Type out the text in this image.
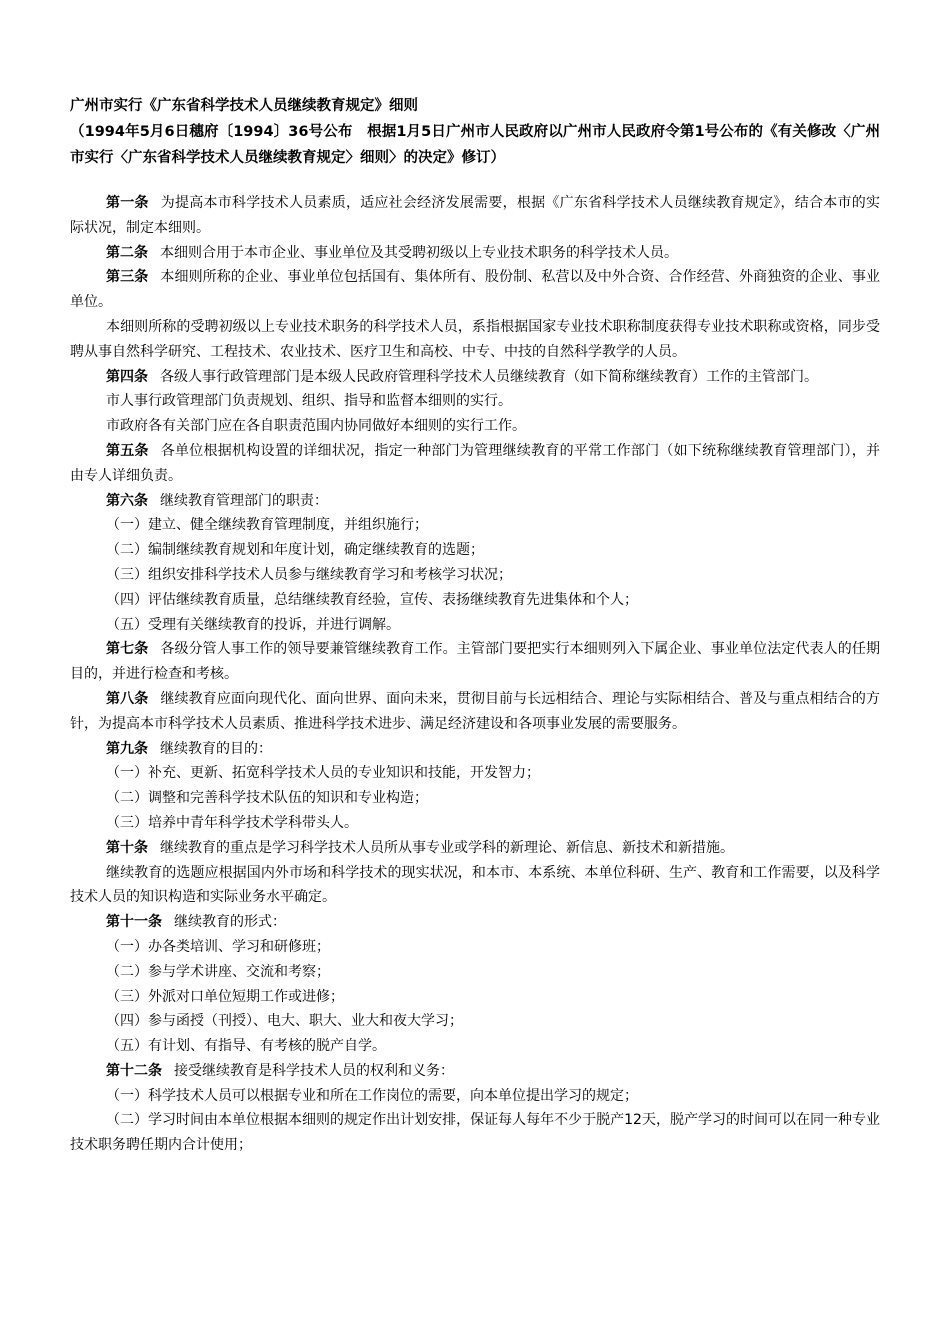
广州市实行《广东省科学技术人员继续教育规定》细则

（1994年5月6日穗府〔1994〕36号公布　根据1月5日广州市人民政府以广州市人民政府令第1号公布的《有关修改〈广州市实行〈广东省科学技术人员继续教育规定〉细则〉的决定》修订）

第一条 为提高本市科学技术人员素质，适应社会经济发展需要，根据《广东省科学技术人员继续教育规定》，结合本市的实际状况，制定本细则。

第二条 本细则合用于本市企业、事业单位及其受聘初级以上专业技术职务的科学技术人员。

第三条 本细则所称的企业、事业单位包括国有、集体所有、股份制、私营以及中外合资、合作经营、外商独资的企业、事业单位。

本细则所称的受聘初级以上专业技术职务的科学技术人员，系指根据国家专业技术职称制度获得专业技术职称或资格，同步受聘从事自然科学研究、工程技术、农业技术、医疗卫生和高校、中专、中技的自然科学教学的人员。

第四条 各级人事行政管理部门是本级人民政府管理科学技术人员继续教育（如下简称继续教育）工作的主管部门。

市人事行政管理部门负责规划、组织、指导和监督本细则的实行。

市政府各有关部门应在各自职责范围内协同做好本细则的实行工作。

第五条 各单位根据机构设置的详细状况，指定一种部门为管理继续教育的平常工作部门（如下统称继续教育管理部门），并由专人详细负责。

第六条 继续教育管理部门的职责：

（一）建立、健全继续教育管理制度，并组织施行；

（二）编制继续教育规划和年度计划，确定继续教育的选题；

（三）组织安排科学技术人员参与继续教育学习和考核学习状况；

（四）评估继续教育质量，总结继续教育经验，宣传、表扬继续教育先进集体和个人；

（五）受理有关继续教育的投诉，并进行调解。

第七条 各级分管人事工作的领导要兼管继续教育工作。主管部门要把实行本细则列入下属企业、事业单位法定代表人的任期目的，并进行检查和考核。

第八条 继续教育应面向现代化、面向世界、面向未来，贯彻目前与长远相结合、理论与实际相结合、普及与重点相结合的方针，为提高本市科学技术人员素质、推进科学技术进步、满足经济建设和各项事业发展的需要服务。

第九条 继续教育的目的：

（一）补充、更新、拓宽科学技术人员的专业知识和技能，开发智力；

（二）调整和完善科学技术队伍的知识和专业构造；

（三）培养中青年科学技术学科带头人。

第十条 继续教育的重点是学习科学技术人员所从事专业或学科的新理论、新信息、新技术和新措施。

继续教育的选题应根据国内外市场和科学技术的现实状况，和本市、本系统、本单位科研、生产、教育和工作需要，以及科学技术人员的知识构造和实际业务水平确定。

第十一条 继续教育的形式：

（一）办各类培训、学习和研修班；

（二）参与学术讲座、交流和考察；

（三）外派对口单位短期工作或进修；

（四）参与函授（刊授）、电大、职大、业大和夜大学习；

（五）有计划、有指导、有考核的脱产自学。

第十二条 接受继续教育是科学技术人员的权利和义务：

（一）科学技术人员可以根据专业和所在工作岗位的需要，向本单位提出学习的规定；

（二）学习时间由本单位根据本细则的规定作出计划安排，保证每人每年不少于脱产12天，脱产学习的时间可以在同一种专业技术职务聘任期内合计使用；
